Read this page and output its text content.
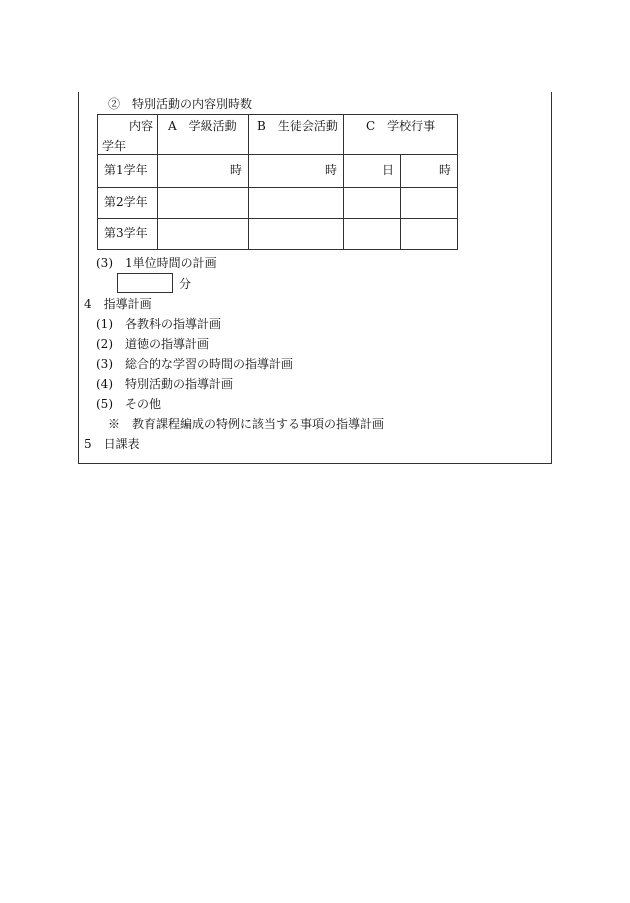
②　特別活動の内容別時数
内容
学年	A　学級活動	B　生徒会活動	C　学校行事	

第1学年	時	時	日	時

第2学年				

第3学年				

(3)　1単位時間の計画
分
4　指導計画
(1)　各教科の指導計画
(2)　道徳の指導計画
(3)　総合的な学習の時間の指導計画
(4)　特別活動の指導計画
(5)　その他
※　教育課程編成の特例に該当する事項の指導計画
5　日課表
